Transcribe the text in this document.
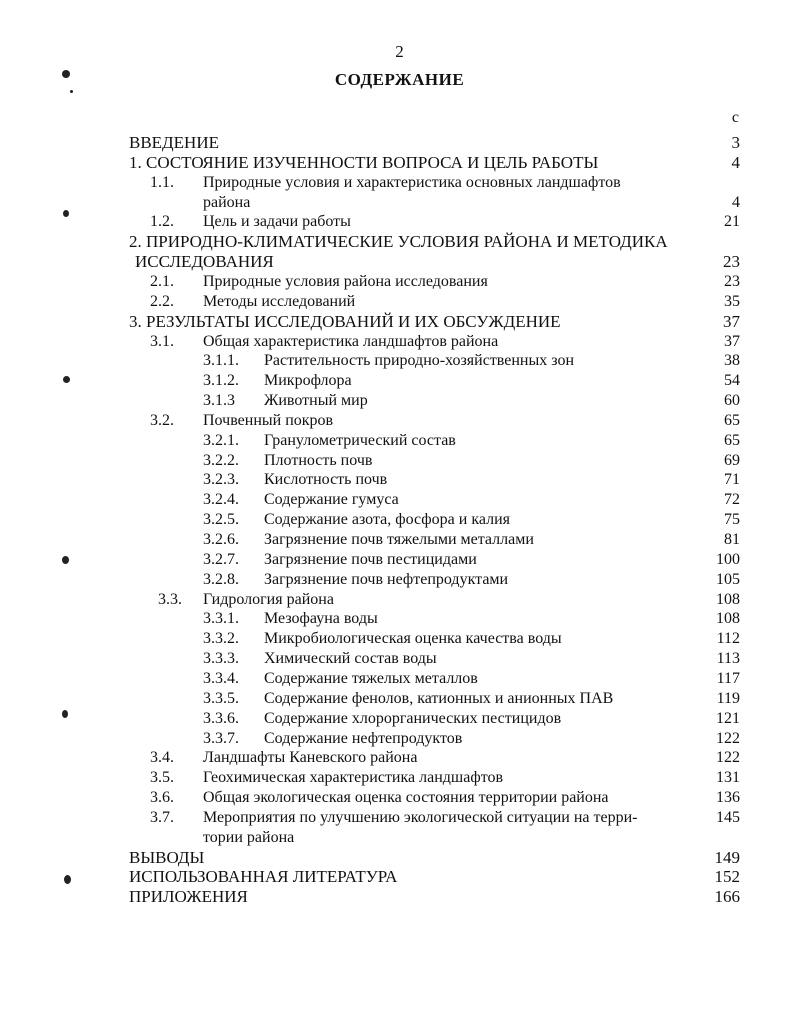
2
СОДЕРЖАНИЕ
с
ВВЕДЕНИЕ	3
1. СОСТОЯНИЕ ИЗУЧЕННОСТИ ВОПРОСА И ЦЕЛЬ РАБОТЫ	4
1.1. Природные условия и характеристика основных ландшафтов
района	4
1.2. Цель и задачи работы	21
2. ПРИРОДНО-КЛИМАТИЧЕСКИЕ УСЛОВИЯ РАЙОНА И МЕТОДИКА
ИССЛЕДОВАНИЯ	23
2.1. Природные условия района исследования	23
2.2. Методы исследований	35
3. РЕЗУЛЬТАТЫ ИССЛЕДОВАНИЙ И ИХ ОБСУЖДЕНИЕ	37
3.1. Общая характеристика ландшафтов района	37
3.1.1. Растительность природно-хозяйственных зон	38
3.1.2. Микрофлора	54
3.1.3 Животный мир	60
3.2. Почвенный покров	65
3.2.1. Гранулометрический состав	65
3.2.2. Плотность почв	69
3.2.3. Кислотность почв	71
3.2.4. Содержание гумуса	72
3.2.5. Содержание азота, фосфора и калия	75
3.2.6. Загрязнение почв тяжелыми металлами	81
3.2.7. Загрязнение почв пестицидами	100
3.2.8. Загрязнение почв нефтепродуктами	105
3.3. Гидрология района	108
3.3.1. Мезофауна воды	108
3.3.2. Микробиологическая оценка качества воды	112
3.3.3. Химический состав воды	113
3.3.4. Содержание тяжелых металлов	117
3.3.5. Содержание фенолов, катионных и анионных ПАВ	119
3.3.6. Содержание хлорорганических пестицидов	121
3.3.7. Содержание нефтепродуктов	122
3.4. Ландшафты Каневского района	122
3.5. Геохимическая характеристика ландшафтов	131
3.6. Общая экологическая оценка состояния территории района	136
3.7. Мероприятия по улучшению экологической ситуации на терри-	145
тории района
ВЫВОДЫ	149
ИСПОЛЬЗОВАННАЯ ЛИТЕРАТУРА	152
ПРИЛОЖЕНИЯ	166
